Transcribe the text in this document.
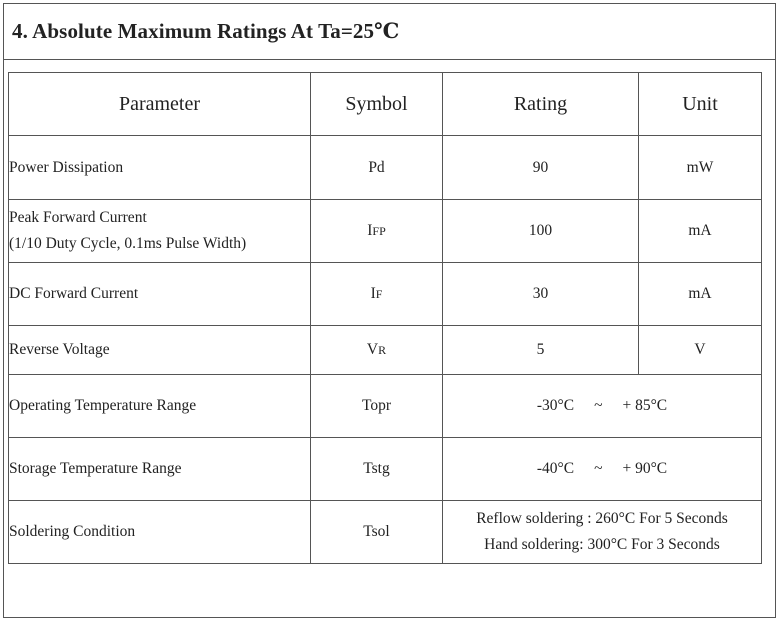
4. Absolute Maximum Ratings At Ta=25℃
Parameter	Symbol	Rating	Unit
Power Dissipation	Pd	90	mW

Peak Forward Current
(1/10 Duty Cycle, 0.1ms Pulse Width)	IFP	100	mA
DC Forward Current	IF	30	mA
Reverse Voltage	VR	5	V
Operating Temperature Range	Topr	-30°C ~ + 85°C	
Storage Temperature Range	Tstg	-40°C ~ + 90°C	
Soldering Condition	Tsol	Reflow soldering : 260°C For 5 Seconds
Hand soldering: 300°C For 3 Seconds	
